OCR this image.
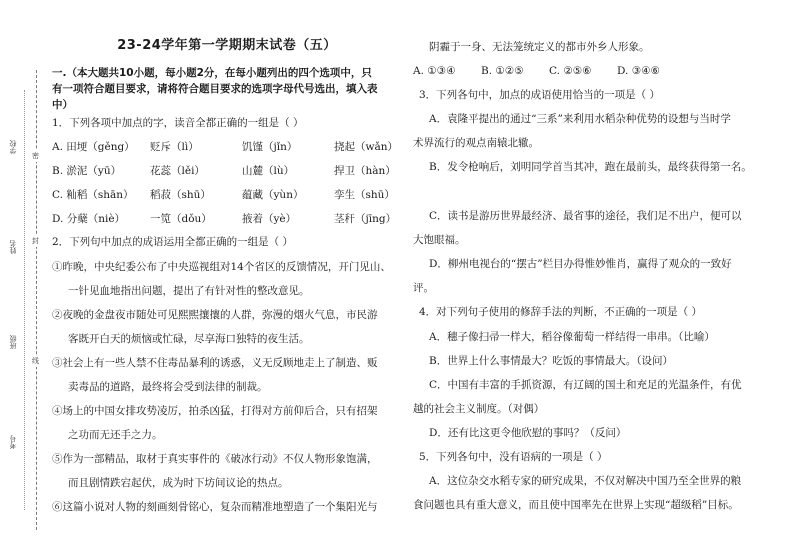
学校
姓名
班级
考号
密
封
线
23-24学年第一学期期末试卷（五）
一.（本大题共10小题，每小题2分，在每小题列出的四个选项中，只
有一项符合题目要求，请将符合题目要求的选项字母代号选出，填入表
中）
1．下列各项中加点的字，读音全都正确的一组是（ ）
A. 田埂（gěng） 贬斥（lì）	饥馑（jǐn）	挠起（wǎn）
B. 淤泥（yū）	花蕊（lěi）	山麓（lù）	捍卫（hàn）
C. 籼稻（shān） 稻菽（shū）	蕴藏（yùn）	孪生（shū）
D. 分蘖（niè） 一笕（dǒu）	掖着（yè）	茎秆（jīng）
2．下列句中加点的成语运用全都正确的一组是（ ）
①昨晚，中央纪委公布了中央巡视组对14个省区的反馈情况，开门见山、
一针见血地指出问题，提出了有针对性的整改意见。
②夜晚的金盘夜市随处可见熙熙攘攘的人群，弥漫的烟火气息，市民游
客既开白天的烦恼或忙碌，尽享海口独特的夜生活。
③社会上有一些人禁不住毒品暴利的诱惑，义无反顾地走上了制造、贩
卖毒品的道路，最终将会受到法律的制裁。
④场上的中国女排攻势凌厉，拍杀凶猛，打得对方前仰后合，只有招架
之功而无还手之力。
⑤作为一部精品，取材于真实事件的《破冰行动》不仅人物形象饱满，
而且剧情跌宕起伏，成为时下坊间议论的热点。
⑥这篇小说对人物的刻画刻骨铭心，复杂而精准地塑造了一个集阳光与
阴霾于一身、无法笼统定义的都市外乡人形象。
A. ①③④ B. ①②⑤ C. ②⑤⑥ D. ③④⑥
3．下列各句中，加点的成语使用恰当的一项是（ ）
A．袁隆平提出的通过“三系”来利用水稻杂种优势的设想与当时学
术界流行的观点南辕北辙。
B．发令枪响后，刘明同学首当其冲，跑在最前头，最终获得第一名。
C．读书是游历世界最经济、最省事的途径，我们足不出户，便可以
大饱眼福。
D．柳州电视台的“摆古”栏目办得惟妙惟肖，赢得了观众的一致好
评。
4．对下列句子使用的修辞手法的判断，不正确的一项是（ ）
A．穗子像扫帚一样大，稻谷像葡萄一样结得一串串。（比喻）
B．世界上什么事情最大？吃饭的事情最大。（设问）
C．中国有丰富的手抓资源，有辽阔的国土和充足的光温条件，有优
越的社会主义制度。（对偶）
D．还有比这更令他欣慰的事吗？（反问）
5．下列各句中，没有语病的一项是（ ）
A．这位杂交水稻专家的研究成果，不仅对解决中国乃至全世界的粮
食问题也具有重大意义，而且使中国率先在世界上实现“超级稻”目标。
